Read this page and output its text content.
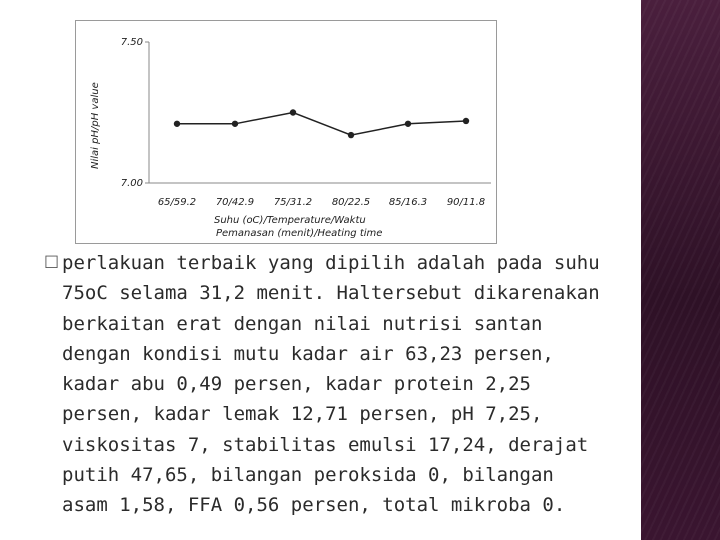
7.50
7.00
65/59.2 70/42.9 75/31.2 80/22.5 85/16.3 90/11.8
Nilai pH/pH value
Suhu (oC)/Temperature/Waktu
Pemanasan (menit)/Heating time
□ perlakuan terbaik yang dipilih adalah pada suhu 75oC selama 31,2 menit. Haltersebut dikarenakan berkaitan erat dengan nilai nutrisi santan dengan kondisi mutu kadar air 63,23 persen, kadar abu 0,49 persen, kadar protein 2,25 persen, kadar lemak 12,71 persen, pH 7,25, viskositas 7, stabilitas emulsi 17,24, derajat putih 47,65, bilangan peroksida 0, bilangan asam 1,58, FFA 0,56 persen, total mikroba 0.
